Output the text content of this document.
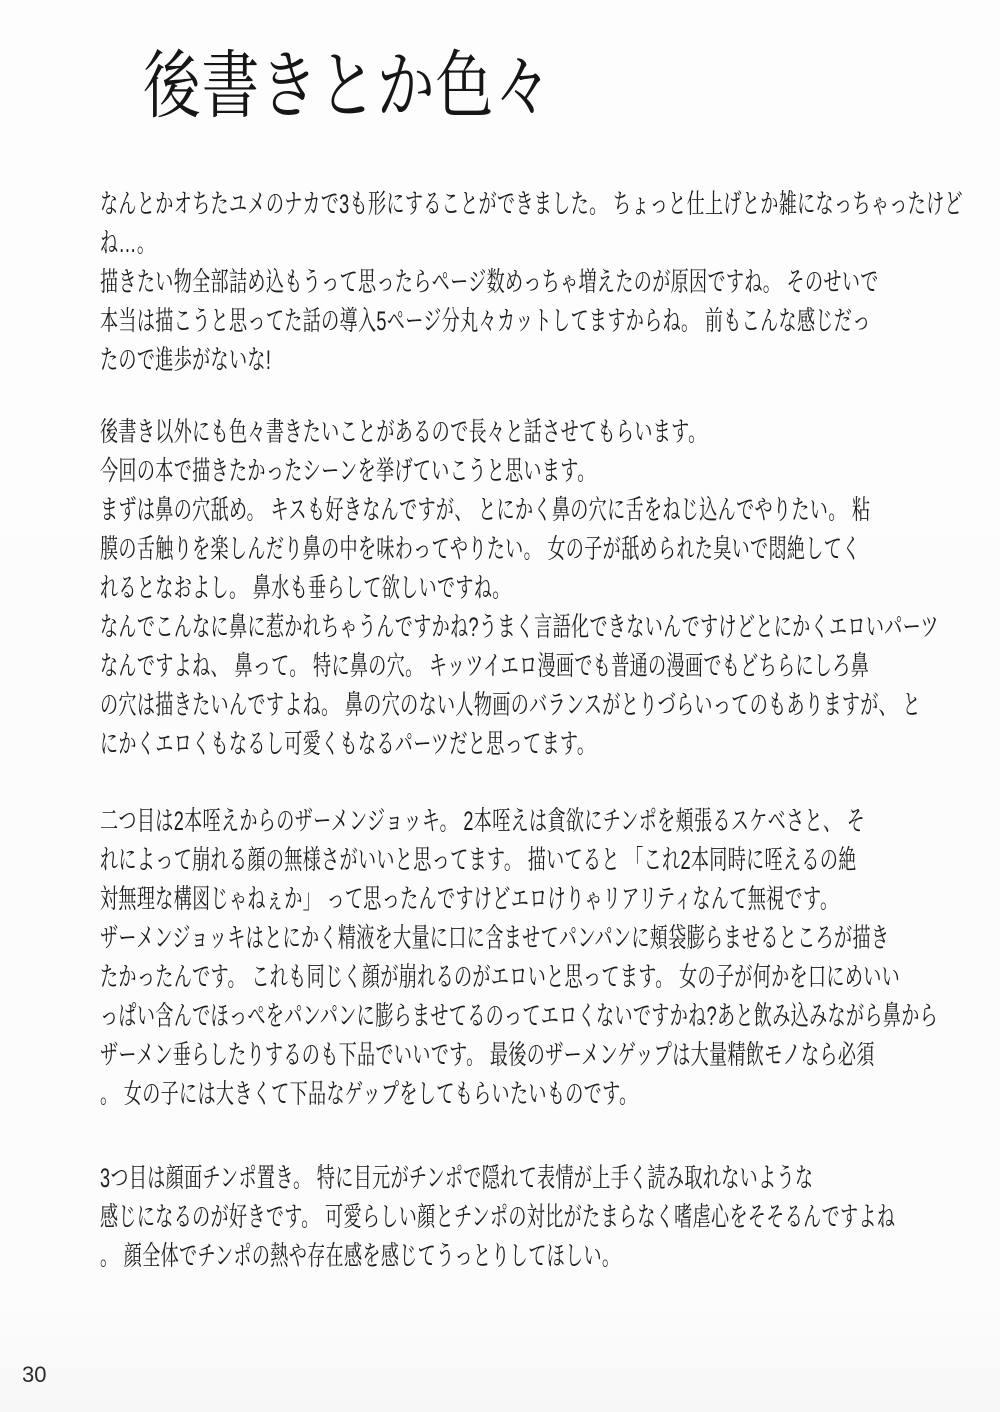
後書きとか色々
なんとかオちたユメのナカで3も形にすることができました。 ちょっと仕上げとか雑になっちゃったけど
ね…。
描きたい物全部詰め込もうって思ったらページ数めっちゃ増えたのが原因ですね。 そのせいで
本当は描こうと思ってた話の導入5ページ分丸々カットしてますからね。 前もこんな感じだっ
たので進歩がないな!
後書き以外にも色々書きたいことがあるので長々と話させてもらいます。
今回の本で描きたかったシーンを挙げていこうと思います。
まずは鼻の穴舐め。 キスも好きなんですが、 とにかく鼻の穴に舌をねじ込んでやりたい。 粘
膜の舌触りを楽しんだり鼻の中を味わってやりたい。 女の子が舐められた臭いで悶絶してく
れるとなおよし。 鼻水も垂らして欲しいですね。
なんでこんなに鼻に惹かれちゃうんですかね?うまく言語化できないんですけどとにかくエロいパーツ
なんですよね、 鼻って。 特に鼻の穴。 キッツイエロ漫画でも普通の漫画でもどちらにしろ鼻
の穴は描きたいんですよね。 鼻の穴のない人物画のバランスがとりづらいってのもありますが、 と
にかくエロくもなるし可愛くもなるパーツだと思ってます。
二つ目は2本咥えからのザーメンジョッキ。 2本咥えは貪欲にチンポを頬張るスケベさと、 そ
れによって崩れる顔の無様さがいいと思ってます。 描いてると 「これ2本同時に咥えるの絶
対無理な構図じゃねぇか」 って思ったんですけどエロけりゃリアリティなんて無視です。
ザーメンジョッキはとにかく精液を大量に口に含ませてパンパンに頬袋膨らませるところが描き
たかったんです。 これも同じく顔が崩れるのがエロいと思ってます。 女の子が何かを口にめいい
っぱい含んでほっぺをパンパンに膨らませてるのってエロくないですかね?あと飲み込みながら鼻から
ザーメン垂らしたりするのも下品でいいです。 最後のザーメンゲップは大量精飲モノなら必須
。 女の子には大きくて下品なゲップをしてもらいたいものです。
3つ目は顔面チンポ置き。 特に目元がチンポで隠れて表情が上手く読み取れないような
感じになるのが好きです。 可愛らしい顔とチンポの対比がたまらなく嗜虐心をそそるんですよね
。 顔全体でチンポの熱や存在感を感じてうっとりしてほしい。
30
